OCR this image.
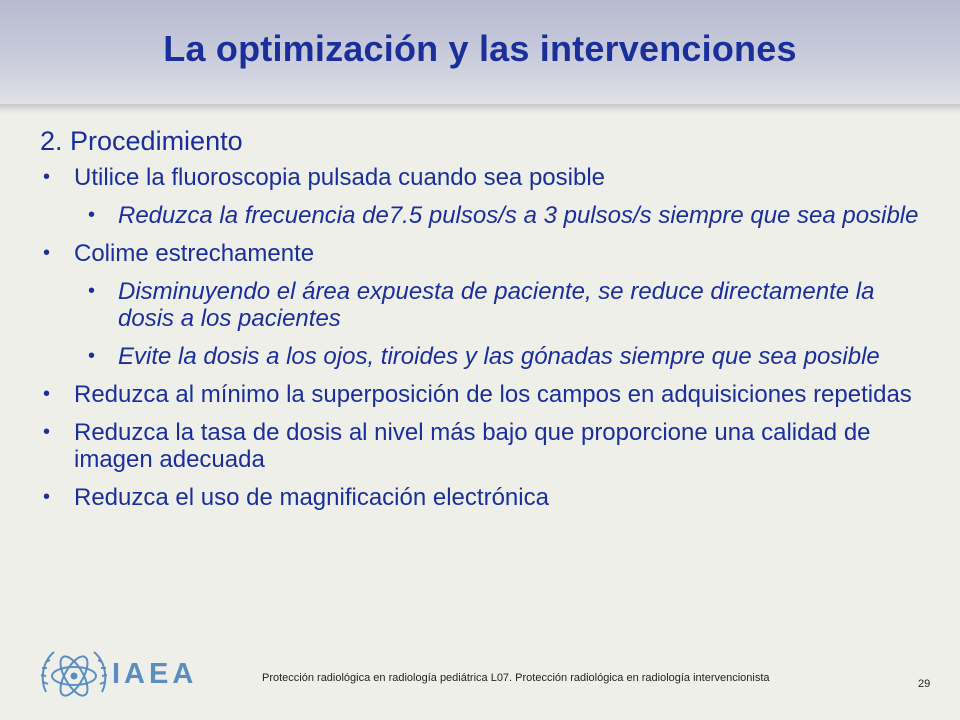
La optimización y las intervenciones
2. Procedimiento
• Utilice la fluoroscopia pulsada cuando sea posible
• Reduzca la frecuencia de7.5 pulsos/s a 3 pulsos/s siempre que sea posible
• Colime estrechamente
• Disminuyendo el área expuesta de paciente, se reduce directamente la dosis a los pacientes
• Evite la dosis a los ojos, tiroides y las gónadas siempre que sea posible
• Reduzca al mínimo la superposición de los campos en adquisiciones repetidas
• Reduzca la tasa de dosis al nivel más bajo que proporcione una calidad de imagen adecuada
• Reduzca el uso de magnificación electrónica
IAEA	Protección radiológica en radiología pediátrica L07. Protección radiológica en radiología intervencionista	29
